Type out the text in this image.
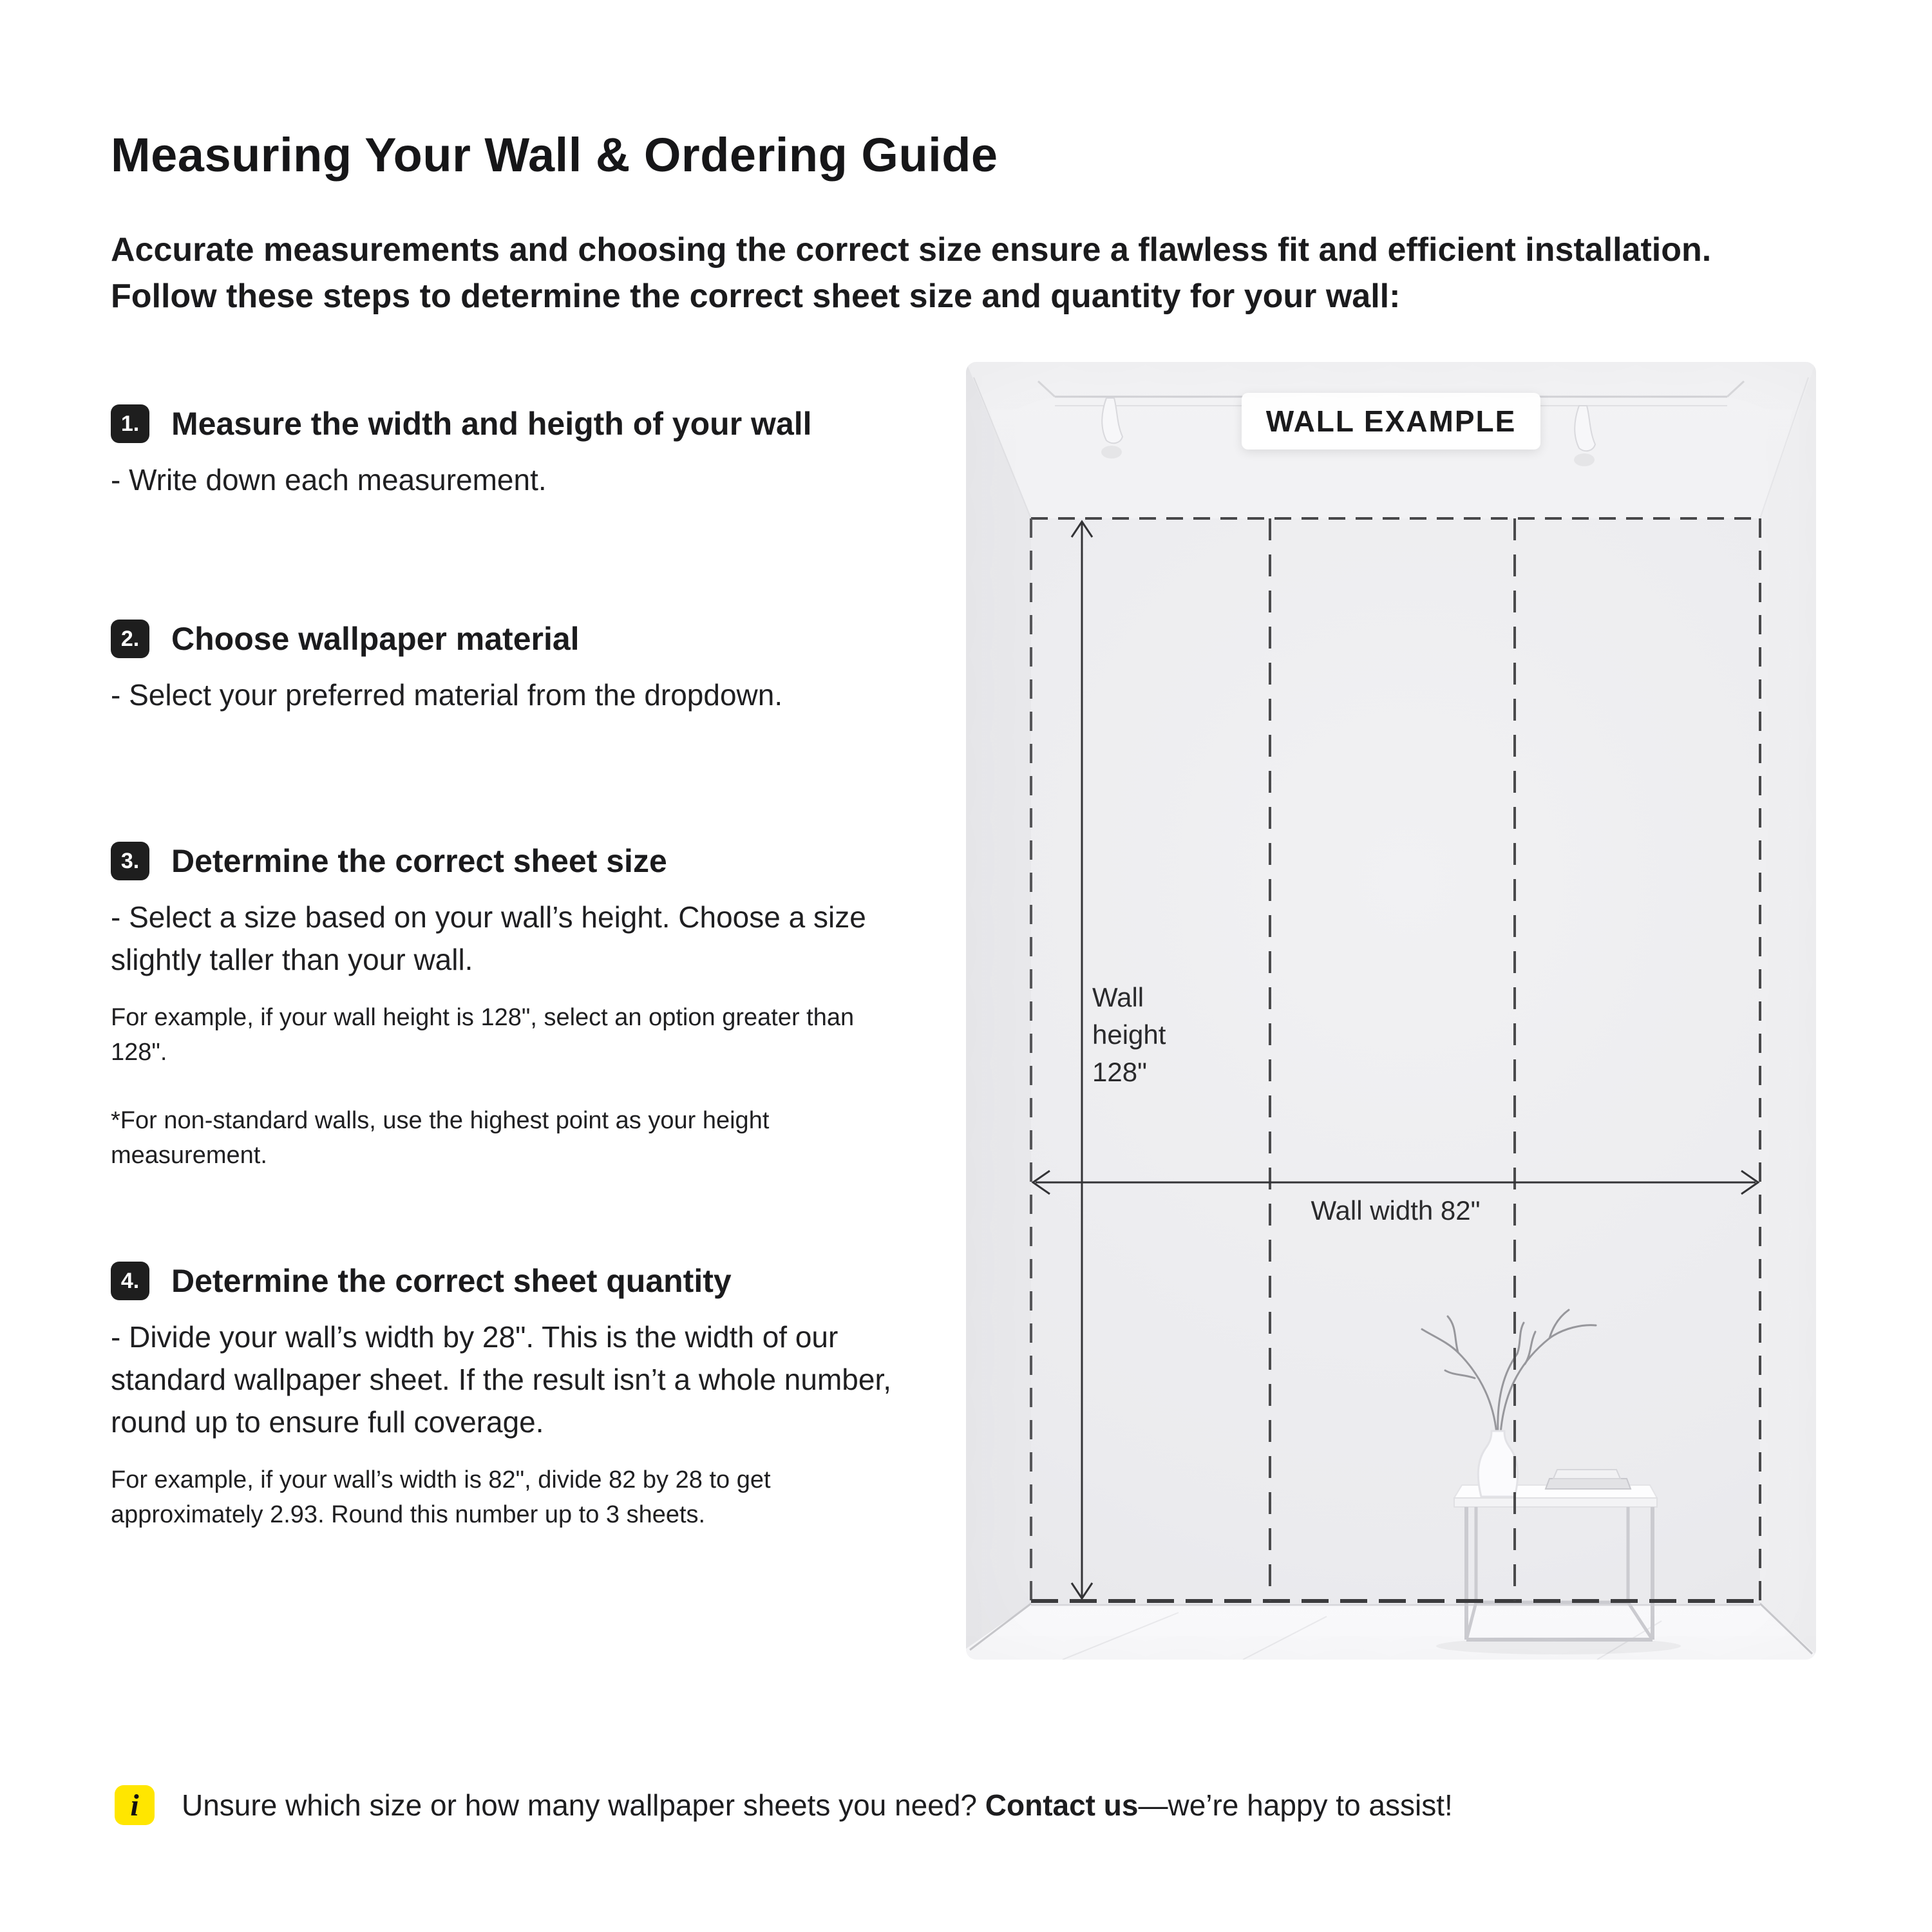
Measuring Your Wall & Ordering Guide

Accurate measurements and choosing the correct size ensure a flawless fit and efficient installation.
Follow these steps to determine the correct sheet size and quantity for your wall:

1. Measure the width and heigth of your wall

- Write down each measurement.

2. Choose wallpaper material

- Select your preferred material from the dropdown.

3. Determine the correct sheet size

- Select a size based on your wall’s height. Choose a size slightly taller than your wall.

For example, if your wall height is 128", select an option greater than 128".

*For non-standard walls, use the highest point as your height measurement.

4. Determine the correct sheet quantity

- Divide your wall’s width by 28". This is the width of our standard wallpaper sheet. If the result isn’t a whole number, round up to ensure full coverage.

For example, if your wall’s width is 82", divide 82 by 28 to get approximately 2.93. Round this number up to 3 sheets.

WALL EXAMPLE
Wall
height
128"
Wall width 82"
i	Unsure which size or how many wallpaper sheets you need? Contact us—we’re happy to assist!
